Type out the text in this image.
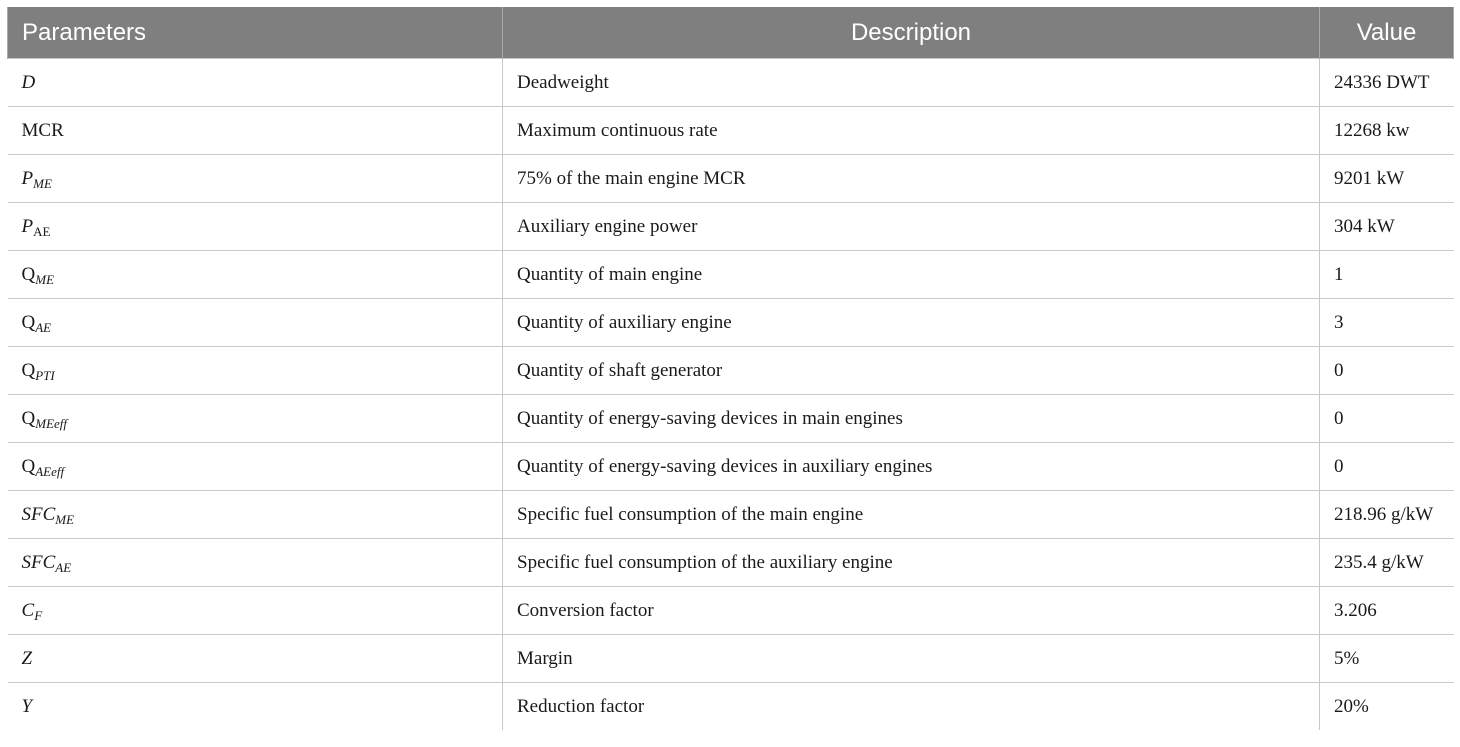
Parameters	Description	Value
D	Deadweight	24336 DWT
MCR	Maximum continuous rate	12268 kw
$P_{ME}$	75% of the main engine MCR	9201 kW
$P_{AE}$	Auxiliary engine power	304 kW
$Q_{ME}$	Quantity of main engine	1
$Q_{AE}$	Quantity of auxiliary engine	3
$Q_{PTI}$	Quantity of shaft generator	0
$Q_{MEeff}$	Quantity of energy-saving devices in main engines	0
$Q_{AEeff}$	Quantity of energy-saving devices in auxiliary engines	0
$SFC_{ME}$	Specific fuel consumption of the main engine	218.96 g/kW
$SFC_{AE}$	Specific fuel consumption of the auxiliary engine	235.4 g/kW
$C_F$	Conversion factor	3.206
Z	Margin	5%
Y	Reduction factor	20%
